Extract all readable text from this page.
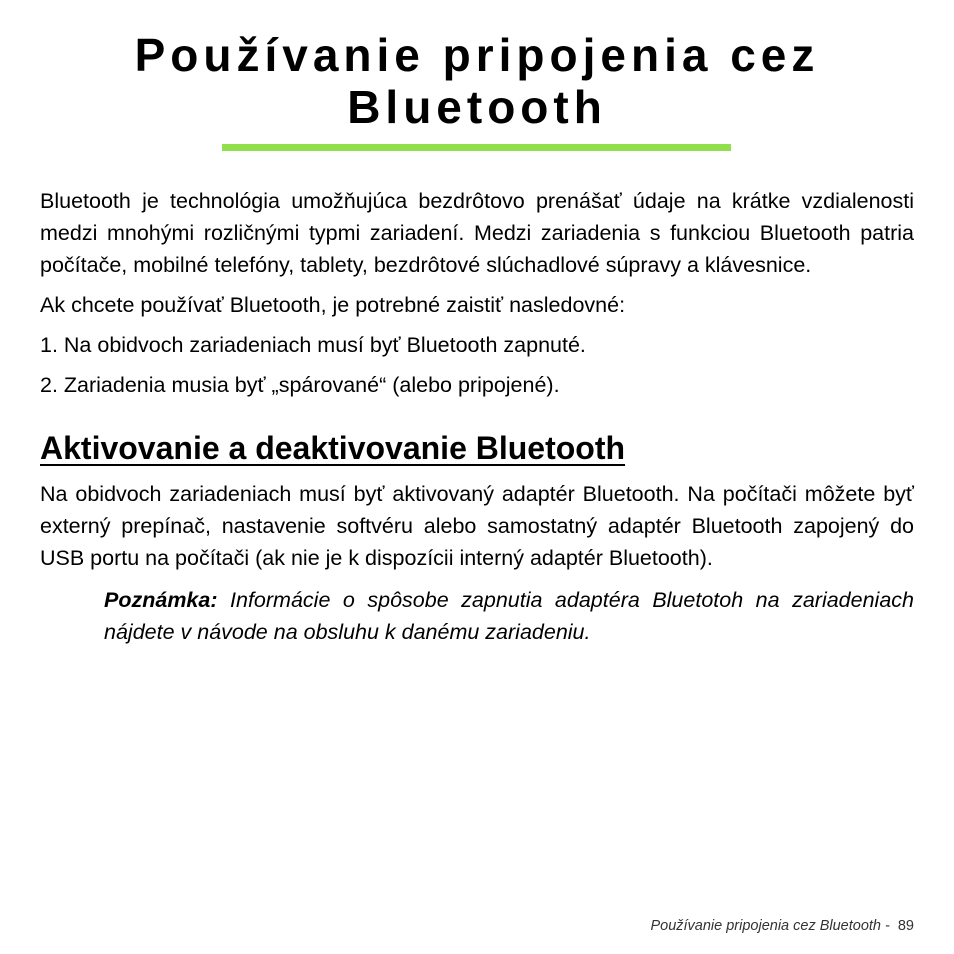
Používanie pripojenia cez
Bluetooth

Bluetooth je technológia umožňujúca bezdrôtovo prenášať údaje na krátke vzdialenosti medzi mnohými rozličnými typmi zariadení. Medzi zariadenia s funkciou Bluetooth patria počítače, mobilné telefóny, tablety, bezdrôtové slúchadlové súpravy a klávesnice.

Ak chcete používať Bluetooth, je potrebné zaistiť nasledovné:

1. Na obidvoch zariadeniach musí byť Bluetooth zapnuté.

2. Zariadenia musia byť „spárované“ (alebo pripojené).

Aktivovanie a deaktivovanie Bluetooth

Na obidvoch zariadeniach musí byť aktivovaný adaptér Bluetooth. Na počítači môžete byť externý prepínač, nastavenie softvéru alebo samostatný adaptér Bluetooth zapojený do USB portu na počítači (ak nie je k dispozícii interný adaptér Bluetooth).

Poznámka: Informácie o spôsobe zapnutia adaptéra Bluetotoh na zariadeniach nájdete v návode na obsluhu k danému zariadeniu.

Používanie pripojenia cez Bluetooth - 89
